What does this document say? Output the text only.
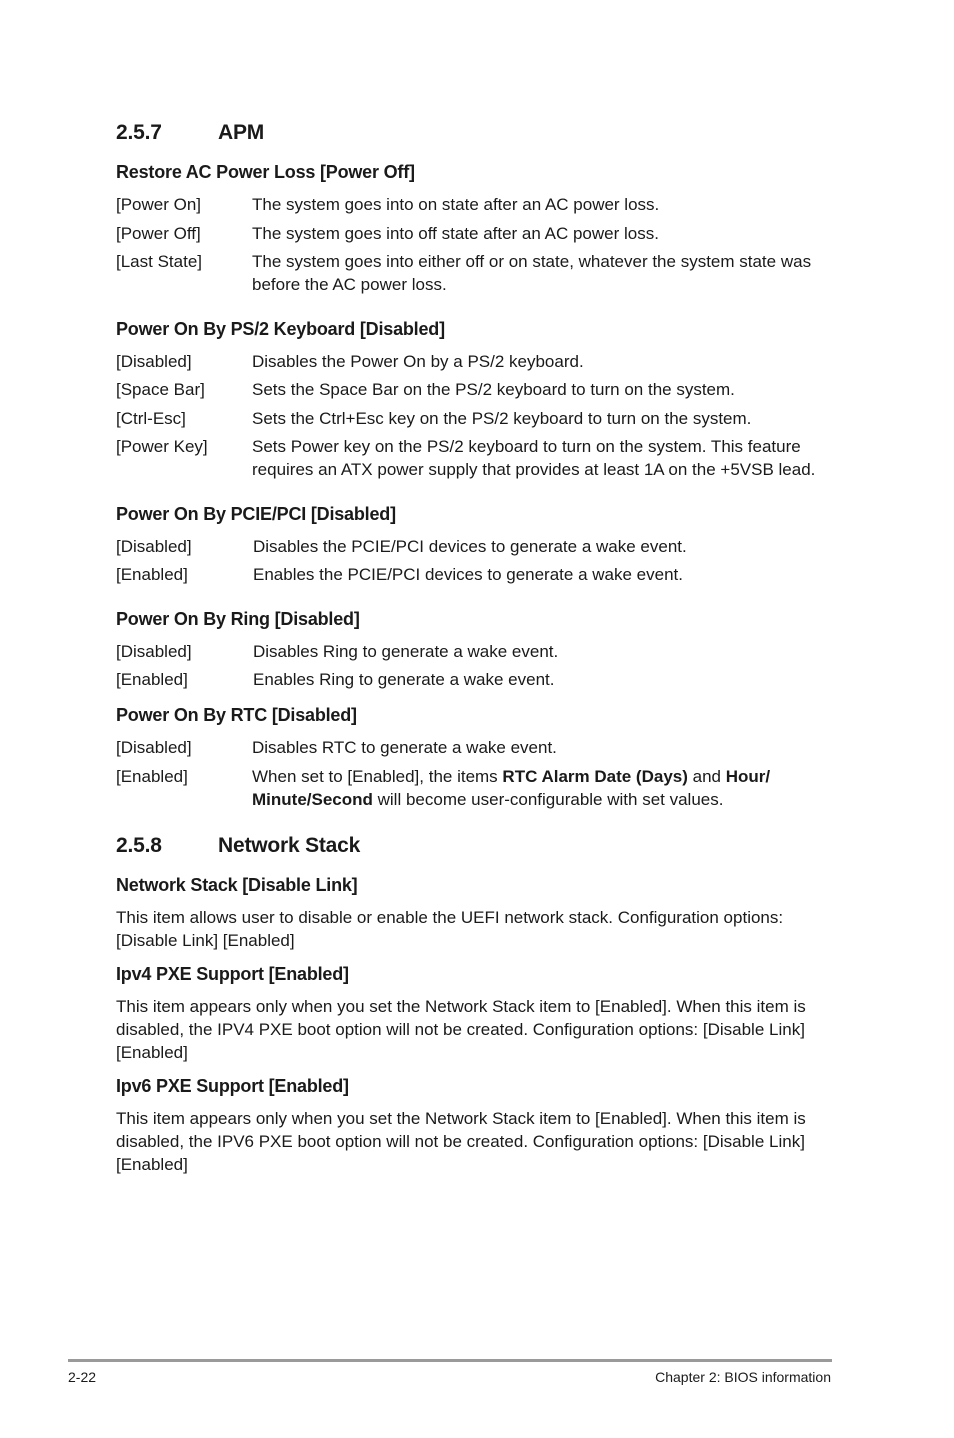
2.5.7	APM
Restore AC Power Loss [Power Off]
[Power On]	The system goes into on state after an AC power loss.
[Power Off]	The system goes into off state after an AC power loss.
[Last State]	The system goes into either off or on state, whatever the system state was before the AC power loss.
Power On By PS/2 Keyboard [Disabled]
[Disabled]	Disables the Power On by a PS/2 keyboard.
[Space Bar]	Sets the Space Bar on the PS/2 keyboard to turn on the system.
[Ctrl-Esc]	Sets the Ctrl+Esc key on the PS/2 keyboard to turn on the system.
[Power Key]	Sets Power key on the PS/2 keyboard to turn on the system. This feature requires an ATX power supply that provides at least 1A on the +5VSB lead.
Power On By PCIE/PCI [Disabled]
[Disabled]	Disables the PCIE/PCI devices to generate a wake event.
[Enabled]	Enables the PCIE/PCI devices to generate a wake event.
Power On By Ring [Disabled]
[Disabled]	Disables Ring to generate a wake event.
[Enabled]	Enables Ring to generate a wake event.
Power On By RTC [Disabled]
[Disabled]	Disables RTC to generate a wake event.
[Enabled]	When set to [Enabled], the items RTC Alarm Date (Days) and Hour/ Minute/Second will become user-configurable with set values.
2.5.8	Network Stack
Network Stack [Disable Link]
This item allows user to disable or enable the UEFI network stack. Configuration options: [Disable Link] [Enabled]
Ipv4 PXE Support [Enabled]
This item appears only when you set the Network Stack item to [Enabled]. When this item is disabled, the IPV4 PXE boot option will not be created. Configuration options: [Disable Link] [Enabled]
Ipv6 PXE Support [Enabled]
This item appears only when you set the Network Stack item to [Enabled]. When this item is disabled, the IPV6 PXE boot option will not be created. Configuration options: [Disable Link] [Enabled]
2-22	Chapter 2: BIOS information
